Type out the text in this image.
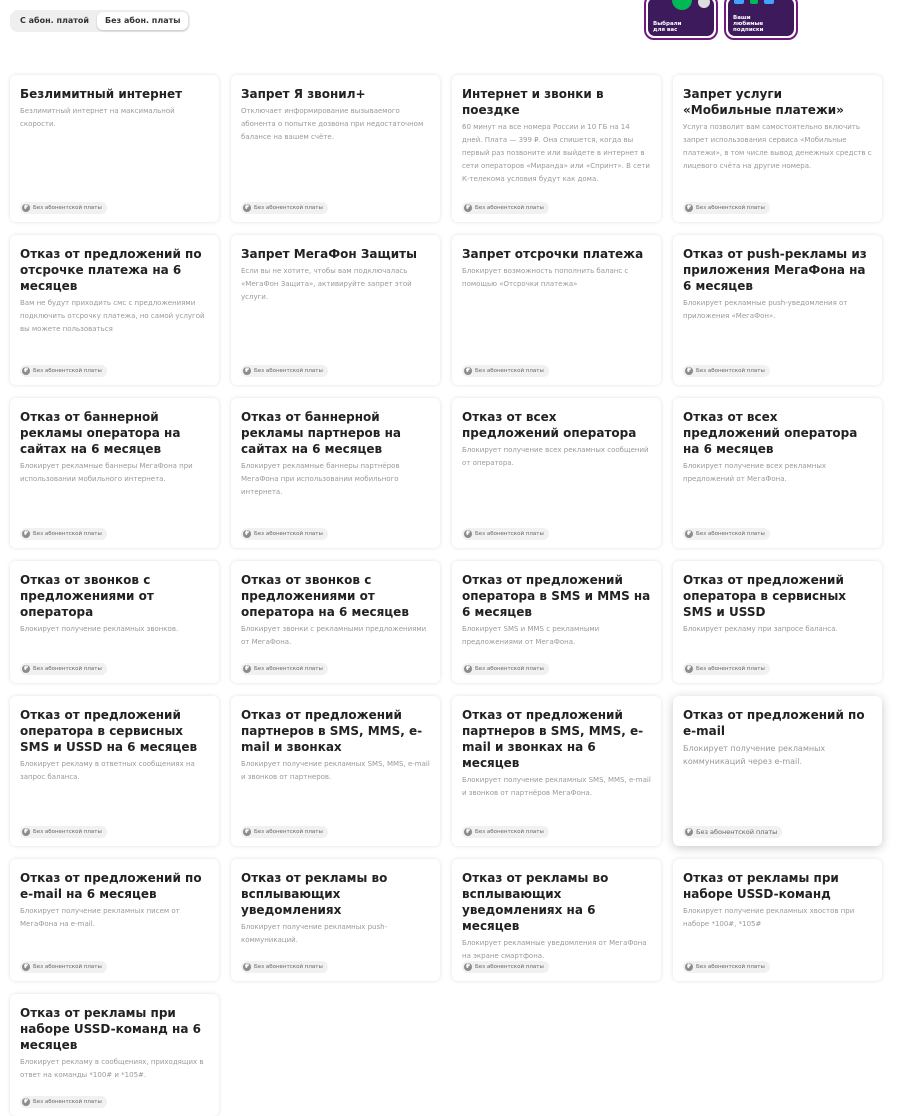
С абон. платой	Без абон. платы	Выбрали для вас
Ваши любимые подписки
Безлимитный интернет
Безлимитный интернет на максимальной скорости.
₽ Без абонентской платы
Запрет Я звонил+
Отключает информирование вызываемого абонента о попытке дозвона при недостаточном балансе на вашем счёте.
₽ Без абонентской платы
Интернет и звонки в поездке
60 минут на все номера России и 10 ГБ на 14 дней. Плата — 399 ₽. Она спишется, когда вы первый раз позвоните или выйдете в интернет в сети операторов «Миранда» или «Спринт». В сети К-телекома условия будут как дома.
₽ Без абонентской платы
Запрет услуги «Мобильные платежи»
Услуга позволит вам самостоятельно включить запрет использования сервиса «Мобильные платежи», в том числе вывод денежных средств с лицевого счёта на другие номера.
₽ Без абонентской платы
Отказ от предложений по отсрочке платежа на 6 месяцев
Вам не будут приходить смс с предложениями подключить отсрочку платежа, но самой услугой вы можете пользоваться
₽ Без абонентской платы
Запрет МегаФон Защиты
Если вы не хотите, чтобы вам подключалась «МегаФон Защита», активируйте запрет этой услуги.
₽ Без абонентской платы
Запрет отсрочки платежа
Блокирует возможность пополнить баланс с помощью «Отсрочки платежа»
₽ Без абонентской платы
Отказ от push-рекламы из приложения МегаФона на 6 месяцев
Блокирует рекламные push-уведомления от приложения «МегаФон».
₽ Без абонентской платы
Отказ от баннерной рекламы оператора на сайтах на 6 месяцев
Блокирует рекламные баннеры МегаФона при использовании мобильного интернета.
₽ Без абонентской платы
Отказ от баннерной рекламы партнеров на сайтах на 6 месяцев
Блокирует рекламные баннеры партнёров МегаФона при использовании мобильного интернета.
₽ Без абонентской платы
Отказ от всех предложений оператора
Блокирует получение всех рекламных сообщений от оператора.
₽ Без абонентской платы
Отказ от всех предложений оператора на 6 месяцев
Блокирует получение всех рекламных предложений от МегаФона.
₽ Без абонентской платы
Отказ от звонков с предложениями от оператора
Блокирует получение рекламных звонков.
₽ Без абонентской платы
Отказ от звонков с предложениями от оператора на 6 месяцев
Блокирует звонки с рекламными предложениями от МегаФона.
₽ Без абонентской платы
Отказ от предложений оператора в SMS и MMS на 6 месяцев
Блокирует SMS и MMS с рекламными предложениями от МегаФона.
₽ Без абонентской платы
Отказ от предложений оператора в сервисных SMS и USSD
Блокирует рекламу при запросе баланса.
₽ Без абонентской платы
Отказ от предложений оператора в сервисных SMS и USSD на 6 месяцев
Блокирует рекламу в ответных сообщениях на запрос баланса.
₽ Без абонентской платы
Отказ от предложений партнеров в SMS, MMS, e-mail и звонках
Блокирует получение рекламных SMS, MMS, e-mail и звонков от партнеров.
₽ Без абонентской платы
Отказ от предложений партнеров в SMS, MMS, e-mail и звонках на 6 месяцев
Блокирует получение рекламных SMS, MMS, e-mail и звонков от партнёров МегаФона.
₽ Без абонентской платы
Отказ от предложений по e-mail
Блокирует получение рекламных коммуникаций через e-mail.
₽ Без абонентской платы
Отказ от предложений по e-mail на 6 месяцев
Блокирует получение рекламных писем от МегаФона на e-mail.
₽ Без абонентской платы
Отказ от рекламы во всплывающих уведомлениях
Блокирует получение рекламных push-коммуникаций.
₽ Без абонентской платы
Отказ от рекламы во всплывающих уведомлениях на 6 месяцев
Блокирует рекламные уведомления от МегаФона на экране смартфона.
₽ Без абонентской платы
Отказ от рекламы при наборе USSD-команд
Блокирует получение рекламных хвостов при наборе *100#, *105#
₽ Без абонентской платы
Отказ от рекламы при наборе USSD-команд на 6 месяцев
Блокирует рекламу в сообщениях, приходящих в ответ на команды *100# и *105#.
₽ Без абонентской платы
